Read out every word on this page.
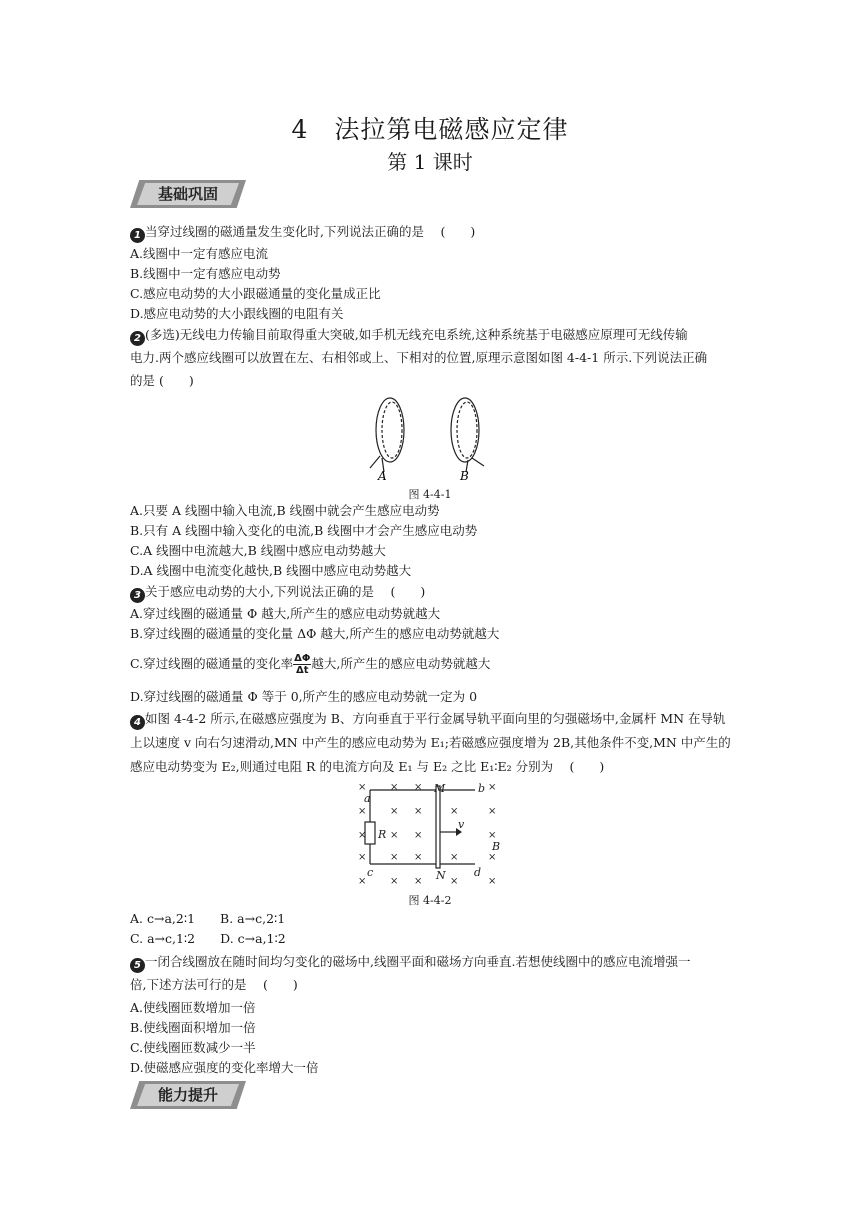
4　法拉第电磁感应定律
第 1 课时
基础巩固
1 当穿过线圈的磁通量发生变化时,下列说法正确的是　 (　　)
A.线圈中一定有感应电流
B.线圈中一定有感应电动势
C.感应电动势的大小跟磁通量的变化量成正比
D.感应电动势的大小跟线圈的电阻有关
2 (多选)无线电力传输目前取得重大突破,如手机无线充电系统,这种系统基于电磁感应原理可无线传输
电力.两个感应线圈可以放置在左、右相邻或上、下相对的位置,原理示意图如图 4-4-1 所示.下列说法正确
的是 (　　)
A	B
图 4-4-1
A.只要 A 线圈中输入电流,B 线圈中就会产生感应电动势
B.只有 A 线圈中输入变化的电流,B 线圈中才会产生感应电动势
C.A 线圈中电流越大,B 线圈中感应电动势越大
D.A 线圈中电流变化越快,B 线圈中感应电动势越大
3 关于感应电动势的大小,下列说法正确的是　 (　　)
A.穿过线圈的磁通量 Φ 越大,所产生的感应电动势就越大
B.穿过线圈的磁通量的变化量 ΔΦ 越大,所产生的感应电动势就越大
C.穿过线圈的磁通量的变化率 $\frac{\Delta\Phi}{\Delta t}$ 越大,所产生的感应电动势就越大
D.穿过线圈的磁通量 Φ 等于 0,所产生的感应电动势就一定为 0
4 如图 4-4-2 所示,在磁感应强度为 B、方向垂直于平行金属导轨平面向里的匀强磁场中,金属杆 MN 在导轨
上以速度 v 向右匀速滑动,MN 中产生的感应电动势为 E₁;若磁感应强度增为 2B,其他条件不变,MN 中产生的
感应电动势变为 E₂,则通过电阻 R 的电流方向及 E₁ 与 E₂ 之比 E₁∶E₂ 分别为　 (　　)
× × ×	×
× × ×	×	×
× × ×	×
× × ×	×	×
× × ×	×	×
a
b
c	d
M
N
R
v
B
图 4-4-2
A. c→a,2∶1　　B. a→c,2∶1
C. a→c,1∶2　　D. c→a,1∶2
5 一闭合线圈放在随时间均匀变化的磁场中,线圈平面和磁场方向垂直.若想使线圈中的感应电流增强一
倍,下述方法可行的是　 (　　)
A.使线圈匝数增加一倍
B.使线圈面积增加一倍
C.使线圈匝数减少一半
D.使磁感应强度的变化率增大一倍
能力提升
